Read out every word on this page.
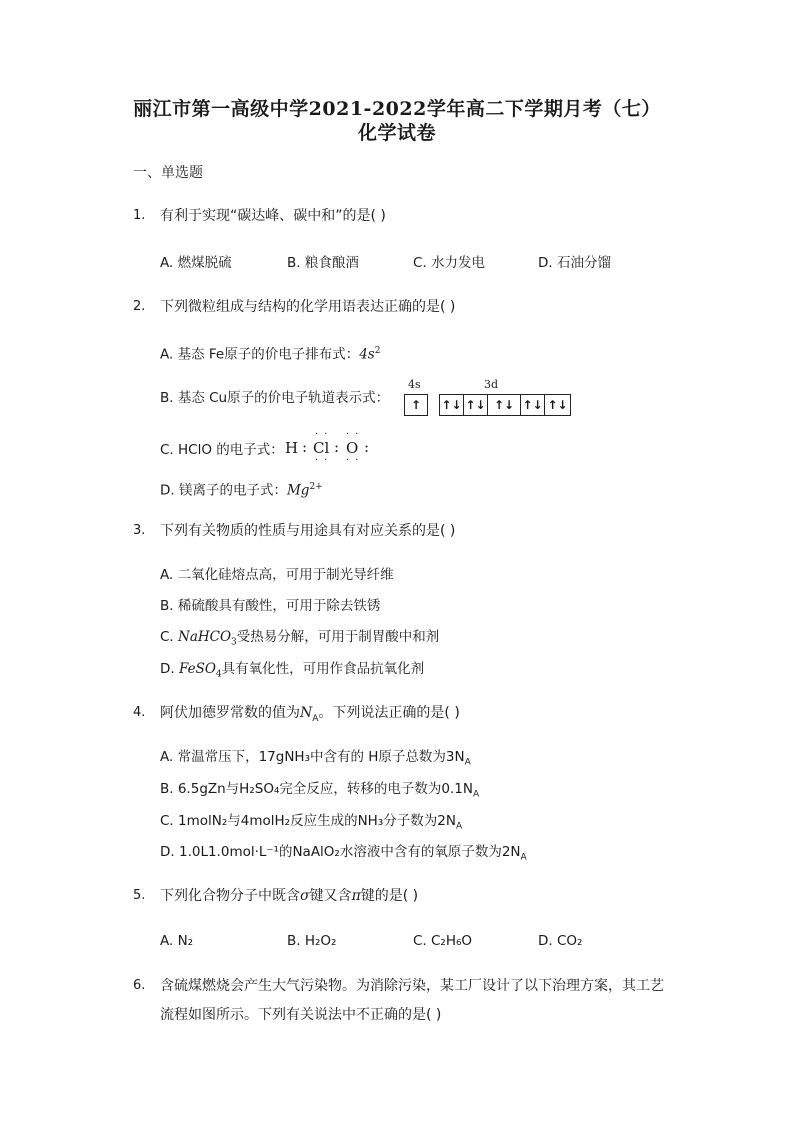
丽江市第一高级中学2021-2022学年高二下学期月考（七）
化学试卷
一、单选题
1. 有利于实现“碳达峰、碳中和”的是( )
A. 燃煤脱硫	B. 粮食酿酒	C. 水力发电	D. 石油分馏
2. 下列微粒组成与结构的化学用语表达正确的是( )
A. 基态 Fe原子的价电子排布式：$4s^2$
B. 基态 Cu原子的价电子轨道表示式：
4s	3d
↑	↑↓ ↑↓ ↑↓ ↑↓ ↑↓
C. HClO 的电子式： H : Cl : O :
··
··
··
··
D. 镁离子的电子式：$Mg^{2+}$
3. 下列有关物质的性质与用途具有对应关系的是( )
A. 二氧化硅熔点高，可用于制光导纤维
B. 稀硫酸具有酸性，可用于除去铁锈
C. NaHCO$_3$受热易分解，可用于制胃酸中和剂
D. FeSO$_4$具有氧化性，可用作食品抗氧化剂
4. 阿伏加德罗常数的值为$N_A$。下列说法正确的是( )
A. 常温常压下，17gNH₃中含有的 H原子总数为$3N_A$
B. 6.5gZn与H₂SO₄完全反应，转移的电子数为$0.1N_A$
C. 1molN₂与4molH₂反应生成的NH₃分子数为$2N_A$
D. 1.0L1.0mol·L⁻¹的NaAlO₂水溶液中含有的氧原子数为$2N_A$
5. 下列化合物分子中既含σ键又含π键的是( )
A. N₂	B. H₂O₂	C. C₂H₆O	D. CO₂
6. 含硫煤燃烧会产生大气污染物。为消除污染，某工厂设计了以下治理方案，其工艺
流程如图所示。下列有关说法中不正确的是( )
